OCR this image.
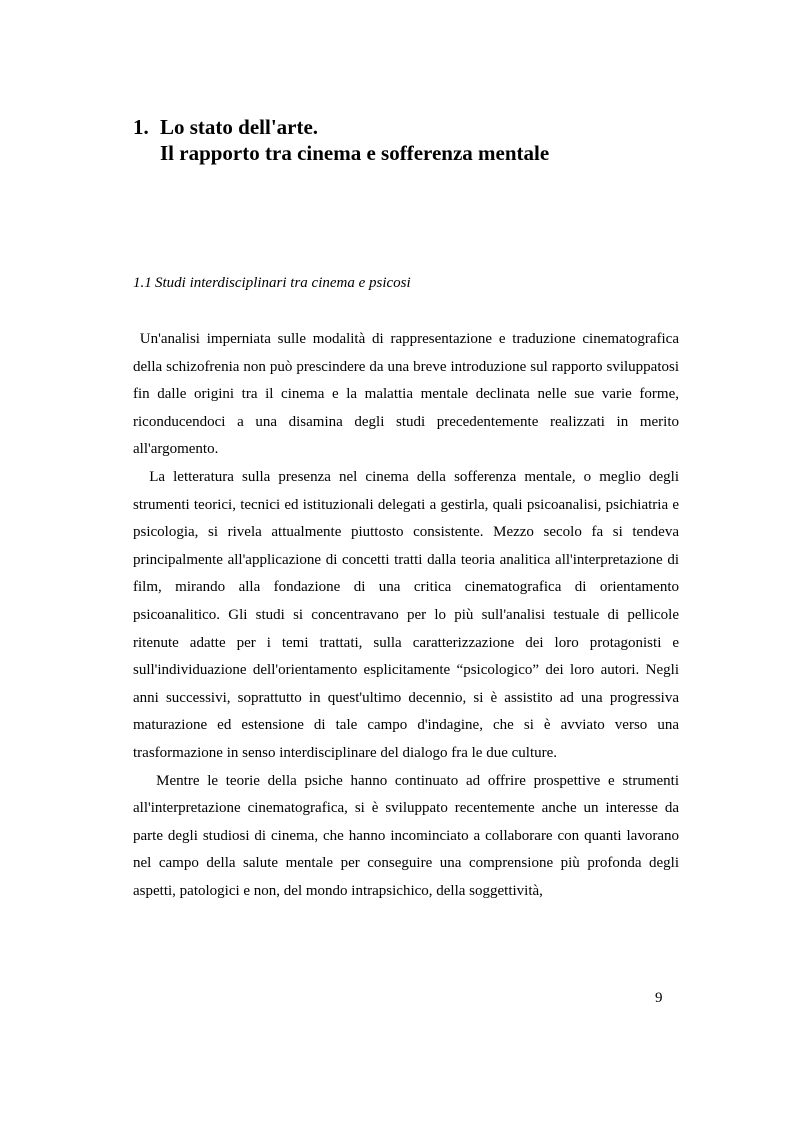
1. Lo stato dell'arte.
Il rapporto tra cinema e sofferenza mentale
1.1 Studi interdisciplinari tra cinema e psicosi

Un'analisi imperniata sulle modalità di rappresentazione e traduzione cinematografica della schizofrenia non può prescindere da una breve introduzione sul rapporto sviluppatosi fin dalle origini tra il cinema e la malattia mentale declinata nelle sue varie forme, riconducendoci a una disamina degli studi precedentemente realizzati in merito all'argomento.

La letteratura sulla presenza nel cinema della sofferenza mentale, o meglio degli strumenti teorici, tecnici ed istituzionali delegati a gestirla, quali psicoanalisi, psichiatria e psicologia, si rivela attualmente piuttosto consistente. Mezzo secolo fa si tendeva principalmente all'applicazione di concetti tratti dalla teoria analitica all'interpretazione di film, mirando alla fondazione di una critica cinematografica di orientamento psicoanalitico. Gli studi si concentravano per lo più sull'analisi testuale di pellicole ritenute adatte per i temi trattati, sulla caratterizzazione dei loro protagonisti e sull'individuazione dell'orientamento esplicitamente “psicologico” dei loro autori. Negli anni successivi, soprattutto in quest'ultimo decennio, si è assistito ad una progressiva maturazione ed estensione di tale campo d'indagine, che si è avviato verso una trasformazione in senso interdisciplinare del dialogo fra le due culture.

Mentre le teorie della psiche hanno continuato ad offrire prospettive e strumenti all'interpretazione cinematografica, si è sviluppato recentemente anche un interesse da parte degli studiosi di cinema, che hanno incominciato a collaborare con quanti lavorano nel campo della salute mentale per conseguire una comprensione più profonda degli aspetti, patologici e non, del mondo intrapsichico, della soggettività,

9
